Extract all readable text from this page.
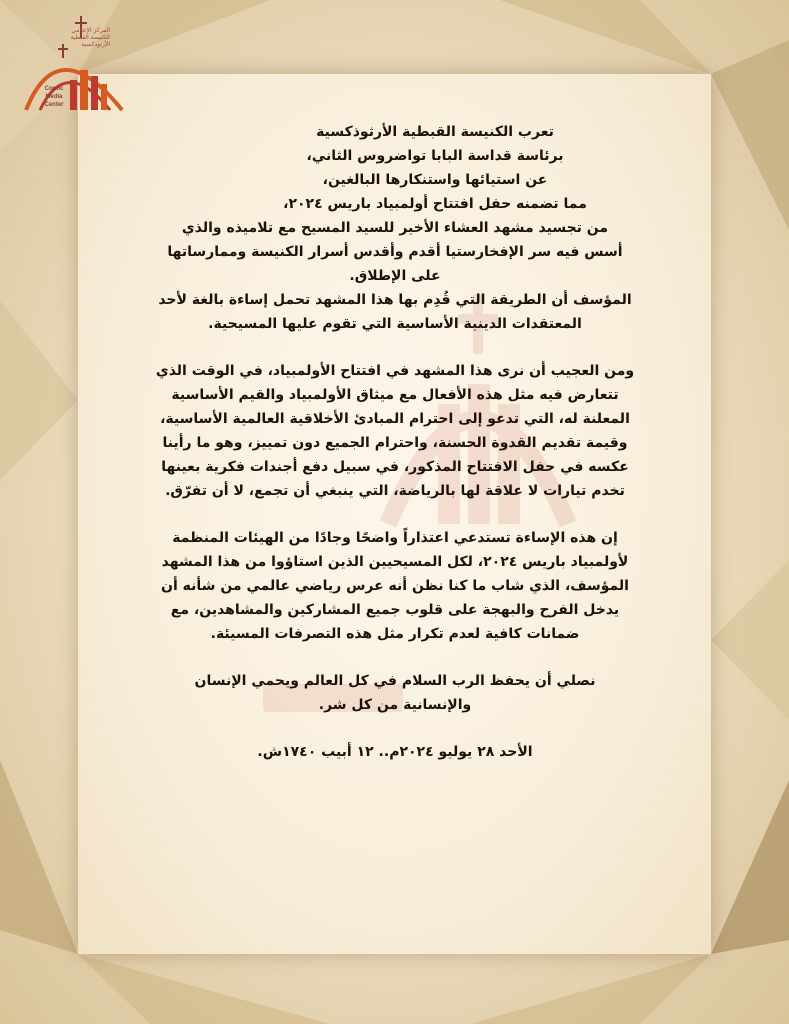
المركز الإعلامي
للكنيسة القبطية الأرثوذكسية
Coptic
Media
Center
تعرب الكنيسة القبطية الأرثوذكسية
برئاسة قداسة البابا تواضروس الثاني،
عن استيائها واستنكارها البالغين،
مما تضمنه حفل افتتاح أولمبياد باريس ٢٠٢٤،
من تجسيد مشهد العشاء الأخير للسيد المسيح مع تلاميذه والذي
أسس فيه سر الإفخارستيا أقدم وأقدس أسرار الكنيسة وممارساتها
على الإطلاق.
المؤسف أن الطريقة التي قُدِم بها هذا المشهد تحمل إساءة بالغة لأحد
المعتقدات الدينية الأساسية التي تقوم عليها المسيحية.
ومن العجيب أن نرى هذا المشهد في افتتاح الأولمبياد، في الوقت الذي
تتعارض فيه مثل هذه الأفعال مع ميثاق الأولمبياد والقيم الأساسية
المعلنة له، التي تدعو إلى احترام المبادئ الأخلاقية العالمية الأساسية،
وقيمة تقديم القدوة الحسنة، واحترام الجميع دون تمييز، وهو ما رأينا
عكسه في حفل الافتتاح المذكور، في سبيل دفع أجندات فكرية بعينها
تخدم تيارات لا علاقة لها بالرياضة، التي ينبغي أن تجمع، لا أن تفرّق.
إن هذه الإساءة تستدعي اعتذاراً واضحًا وجادًا من الهيئات المنظمة
لأولمبياد باريس ٢٠٢٤، لكل المسيحيين الذين استاؤوا من هذا المشهد
المؤسف، الذي شاب ما كنا نظن أنه عرس رياضي عالمي من شأنه أن
يدخل الفرح والبهجة على قلوب جميع المشاركين والمشاهدين، مع
ضمانات كافية لعدم تكرار مثل هذه التصرفات المسيئة.
نصلي أن يحفظ الرب السلام في كل العالم ويحمي الإنسان
والإنسانية من كل شر.
الأحد ٢٨ يوليو ٢٠٢٤م.. ١٢ أبيب ١٧٤٠ش.
